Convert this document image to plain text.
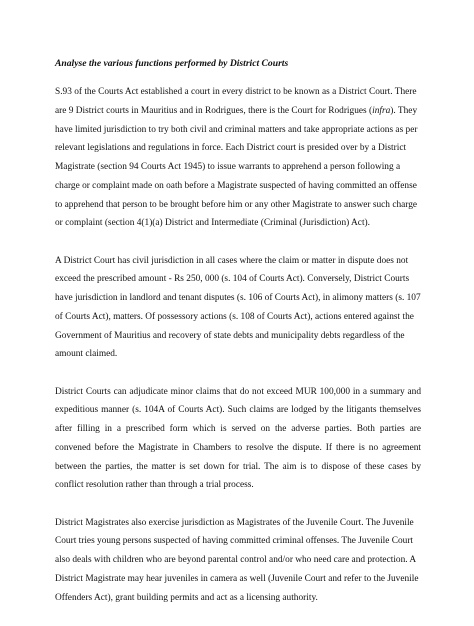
Analyse the various functions performed by District Courts

S.93 of the Courts Act established a court in every district to be known as a District Court. There are 9 District courts in Mauritius and in Rodrigues, there is the Court for Rodrigues (infra). They have limited jurisdiction to try both civil and criminal matters and take appropriate actions as per relevant legislations and regulations in force. Each District court is presided over by a District Magistrate (section 94 Courts Act 1945) to issue warrants to apprehend a person following a charge or complaint made on oath before a Magistrate suspected of having committed an offense to apprehend that person to be brought before him or any other Magistrate to answer such charge or complaint (section 4(1)(a) District and Intermediate (Criminal (Jurisdiction) Act).

A District Court has civil jurisdiction in all cases where the claim or matter in dispute does not exceed the prescribed amount - Rs 250, 000 (s. 104 of Courts Act). Conversely, District Courts have jurisdiction in landlord and tenant disputes (s. 106 of Courts Act), in alimony matters (s. 107 of Courts Act), matters. Of possessory actions (s. 108 of Courts Act), actions entered against the Government of Mauritius and recovery of state debts and municipality debts regardless of the amount claimed.

District Courts can adjudicate minor claims that do not exceed MUR 100,000 in a summary and expeditious manner (s. 104A of Courts Act). Such claims are lodged by the litigants themselves after filling in a prescribed form which is served on the adverse parties. Both parties are convened before the Magistrate in Chambers to resolve the dispute. If there is no agreement between the parties, the matter is set down for trial. The aim is to dispose of these cases by conflict resolution rather than through a trial process.

District Magistrates also exercise jurisdiction as Magistrates of the Juvenile Court. The Juvenile Court tries young persons suspected of having committed criminal offenses. The Juvenile Court also deals with children who are beyond parental control and/or who need care and protection. A District Magistrate may hear juveniles in camera as well (Juvenile Court and refer to the Juvenile Offenders Act), grant building permits and act as a licensing authority.
